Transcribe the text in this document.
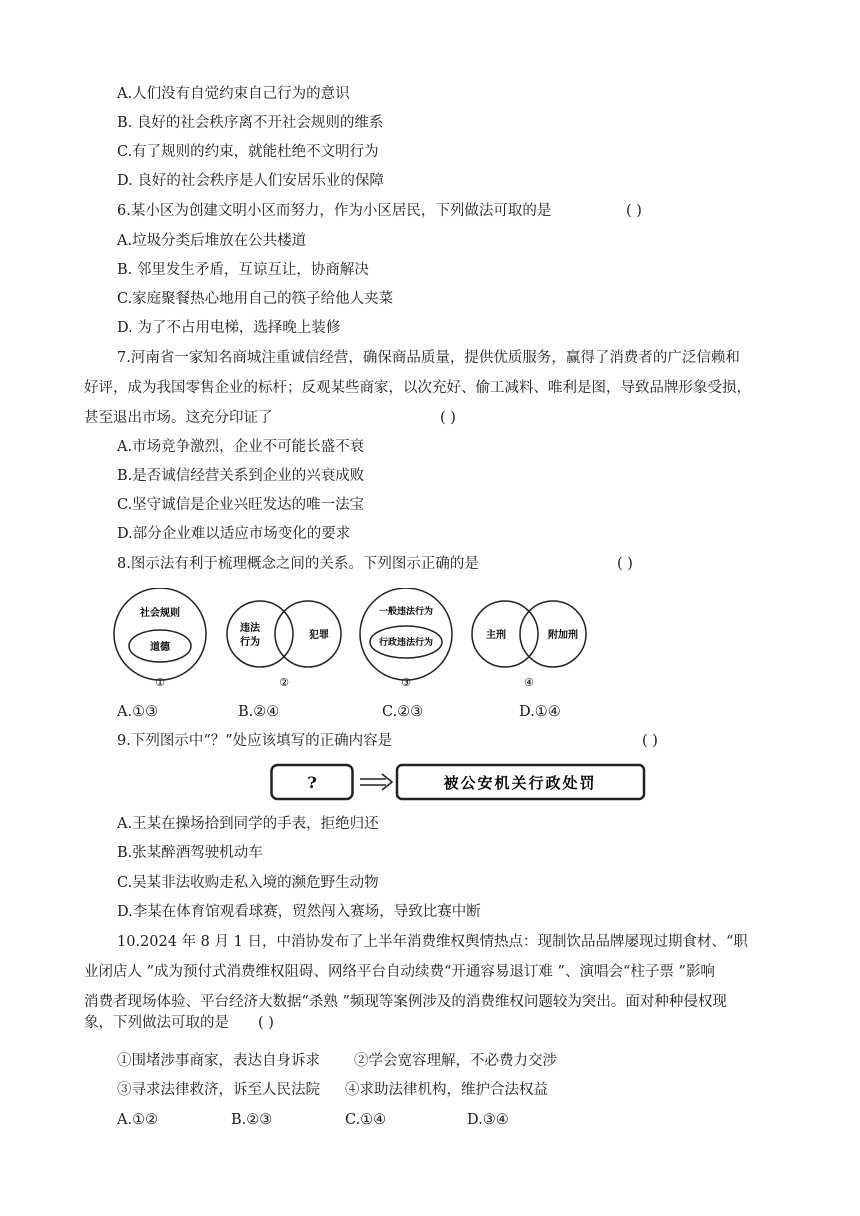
A.人们没有自觉约束自己行为的意识
B. 良好的社会秩序离不开社会规则的维系
C.有了规则的约束，就能杜绝不文明行为
D. 良好的社会秩序是人们安居乐业的保障
6.某小区为创建文明小区而努力，作为小区居民，下列做法可取的是	( )
A.垃圾分类后堆放在公共楼道
B. 邻里发生矛盾，互谅互让，协商解决
C.家庭聚餐热心地用自己的筷子给他人夹菜
D. 为了不占用电梯，选择晚上装修
7.河南省一家知名商城注重诚信经营，确保商品质量，提供优质服务，赢得了消费者的广泛信赖和
好评，成为我国零售企业的标杆；反观某些商家，以次充好、偷工减料、唯利是图，导致品牌形象受损，
甚至退出市场。这充分印证了	( )
A.市场竞争激烈，企业不可能长盛不衰
B.是否诚信经营关系到企业的兴衰成败
C.坚守诚信是企业兴旺发达的唯一法宝
D.部分企业难以适应市场变化的要求
8.图示法有利于梳理概念之间的关系。下列图示正确的是	( )
社会规则
道德
①
违法
行为
犯罪
②
一般违法行为
行政违法行为
③
主刑	附加刑
④
A.①③	B.②④	C.②③	D.①④
9.下列图示中“？”处应该填写的正确内容是	( )
?	被公安机关行政处罚
A.王某在操场拾到同学的手表，拒绝归还
B.张某醉酒驾驶机动车
C.吴某非法收购走私入境的濒危野生动物
D.李某在体育馆观看球赛，贸然闯入赛场，导致比赛中断
10.2024 年 8 月 1 日，中消协发布了上半年消费维权舆情热点：现制饮品品牌屡现过期食材、“职
业闭店人 ”成为预付式消费维权阻碍、网络平台自动续费“开通容易退订难 ”、演唱会“柱子票 ”影响
消费者现场体验、平台经济大数据“杀熟 ”频现等案例涉及的消费维权问题较为突出。面对种种侵权现
象，下列做法可取的是 ( )
①围堵涉事商家，表达自身诉求 ②学会宽容理解，不必费力交涉
③寻求法律救济，诉至人民法院 ④求助法律机构，维护合法权益
A.①②	B.②③	C.①④	D.③④
